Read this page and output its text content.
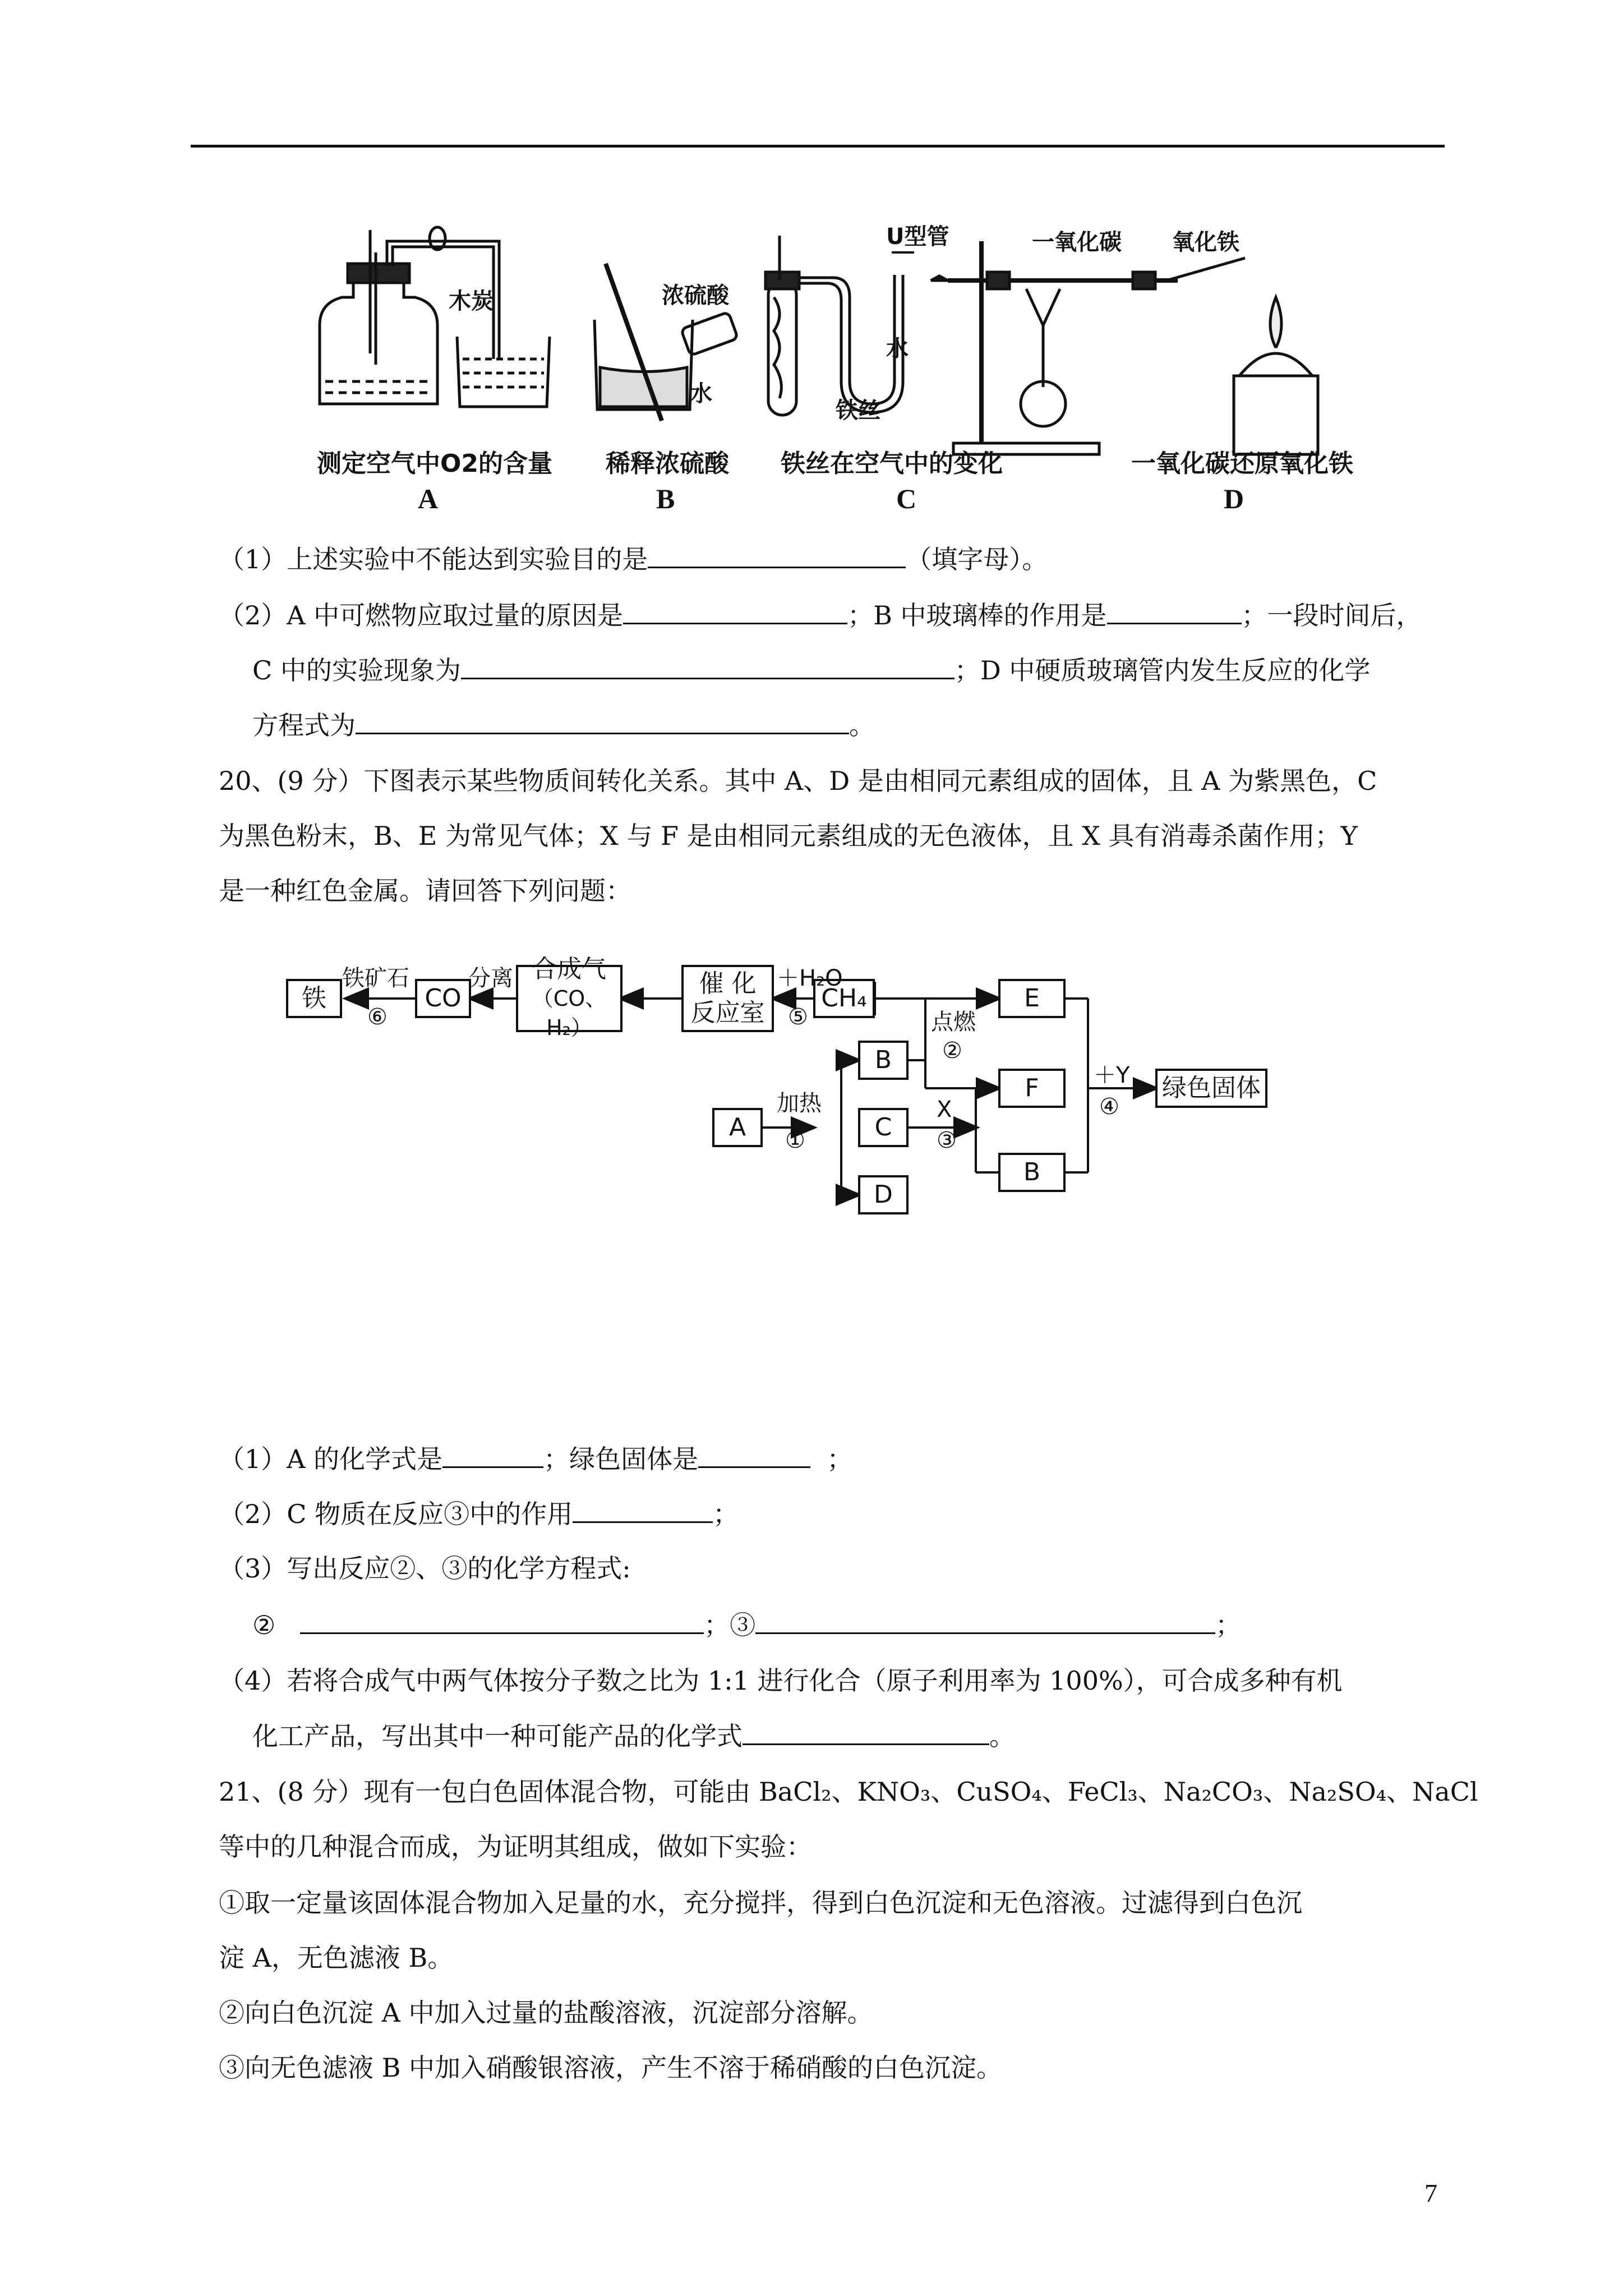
木炭	浓硫酸
水
U型管
水
铁丝
一氧化碳 氧化铁
测定空气中O2的含量	稀释浓硫酸	铁丝在空气中的变化	一氧化碳还原氧化铁
A	B	C	D
（1）上述实验中不能达到实验目的是	（填字母）。
（2）A 中可燃物应取过量的原因是	；B 中玻璃棒的作用是	；一段时间后，
C 中的实验现象为	；D 中硬质玻璃管内发生反应的化学
方程式为	。
20、(9 分）下图表示某些物质间转化关系。其中 A、D 是由相同元素组成的固体，且 A 为紫黑色，C
为黑色粉末，B、E 为常见气体；X 与 F 是由相同元素组成的无色液体，且 X 具有消毒杀菌作用；Y
是一种红色金属。请回答下列问题：
铁	CO
合成气
（CO、H₂）
催 化
反应室
CH₄	E
F
B
A	C
D
B
绿色固体
铁矿石
⑥
分离	＋H₂O
⑤	点燃
②
加热
①
X
③
＋Y
④
（1）A 的化学式是	；绿色固体是	；
（2）C 物质在反应③中的作用	；
（3）写出反应②、③的化学方程式:
②	；③	；
（4）若将合成气中两气体按分子数之比为 1:1 进行化合（原子利用率为 100%），可合成多种有机
化工产品，写出其中一种可能产品的化学式	。
21、(8 分）现有一包白色固体混合物，可能由 BaCl₂、KNO₃、CuSO₄、FeCl₃、Na₂CO₃、Na₂SO₄、NaCl
等中的几种混合而成，为证明其组成，做如下实验：
①取一定量该固体混合物加入足量的水，充分搅拌，得到白色沉淀和无色溶液。过滤得到白色沉
淀 A，无色滤液 B。
②向白色沉淀 A 中加入过量的盐酸溶液，沉淀部分溶解。
③向无色滤液 B 中加入硝酸银溶液，产生不溶于稀硝酸的白色沉淀。
7
